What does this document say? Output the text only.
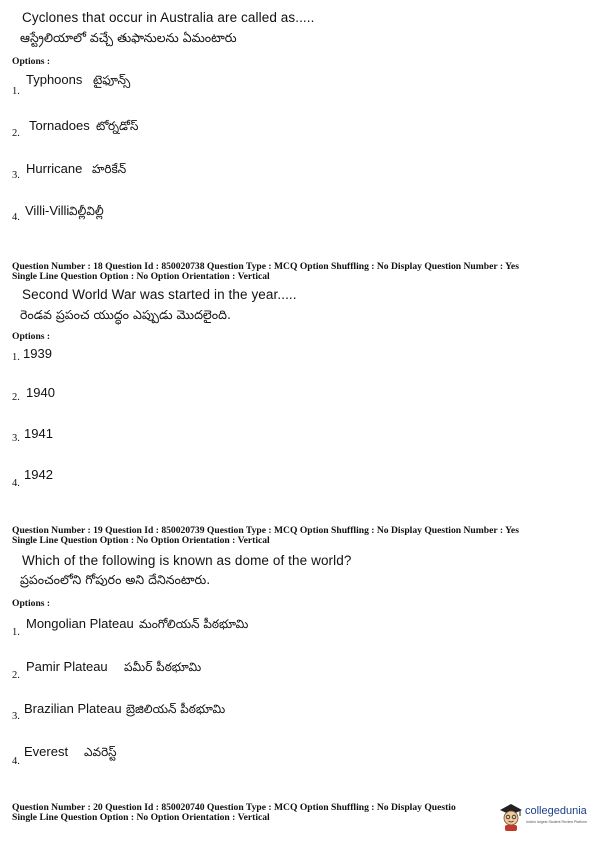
Cyclones that occur in Australia are called as.....
ఆస్ట్రేలియాలో వచ్చే తుఫానులను ఏమంటారు
Options :
1.
Typhoons టైఫూన్స్
2.
Tornadoes టోర్నడోస్
3. Hurricane హరికేన్
4. Villi-Villi విల్లీవిల్లీ
Question Number : 18 Question Id : 850020738 Question Type : MCQ Option Shuffling : No Display Question Number : Yes
Single Line Question Option : No Option Orientation : Vertical
Second World War was started in the year.....
రెండవ ప్రపంచ యుద్ధం ఎప్పుడు మొదలైంది.
Options :
1. 1939
2. 1940
3. 1941
4.
1942
Question Number : 19 Question Id : 850020739 Question Type : MCQ Option Shuffling : No Display Question Number : Yes
Single Line Question Option : No Option Orientation : Vertical
Which of the following is known as dome of the world?
ప్రపంచంలోని గోపురం అని దేనినంటారు.
Options :
1.
Mongolian Plateau మంగోలియన్ పీఠభూమి
2.
Pamir Plateau పమీర్ పీఠభూమి
3.
Brazilian Plateau బ్రెజిలియన్ పీఠభూమి
4.
Everest ఎవరెస్ట్
Question Number : 20 Question Id : 850020740 Question Type : MCQ Option Shuffling : No Display Questio
Single Line Question Option : No Option Orientation : Vertical
collegedunia
India's largest Student Review Platform
